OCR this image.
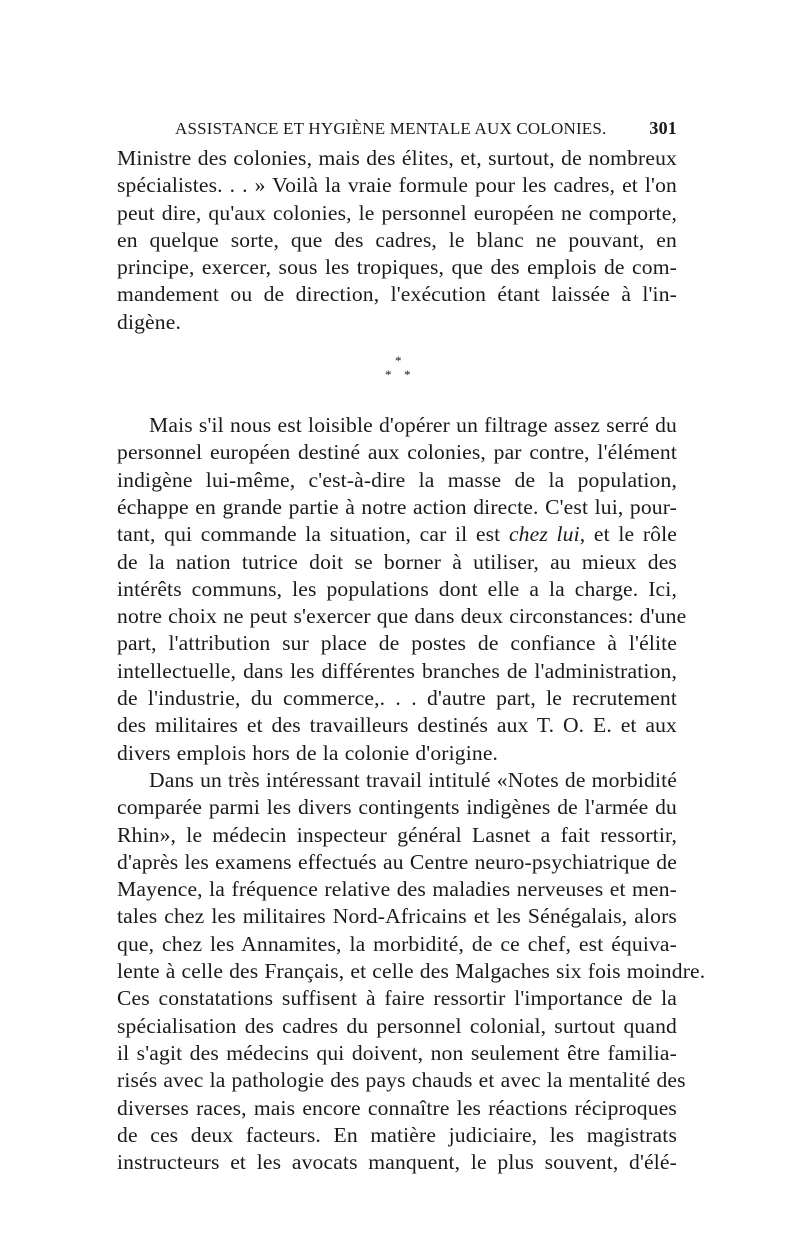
ASSISTANCE ET HYGIÈNE MENTALE AUX COLONIES. 301

Ministre des colonies, mais des élites, et, surtout, de nombreux
spécialistes. . . » Voilà la vraie formule pour les cadres, et l'on
peut dire, qu'aux colonies, le personnel européen ne comporte,
en quelque sorte, que des cadres, le blanc ne pouvant, en
principe, exercer, sous les tropiques, que des emplois de com-
mandement ou de direction, l'exécution étant laissée à l'in-
digène.

*
* *

Mais s'il nous est loisible d'opérer un filtrage assez serré du
personnel européen destiné aux colonies, par contre, l'élément
indigène lui-même, c'est-à-dire la masse de la population,
échappe en grande partie à notre action directe. C'est lui, pour-
tant, qui commande la situation, car il est chez lui, et le rôle
de la nation tutrice doit se borner à utiliser, au mieux des
intérêts communs, les populations dont elle a la charge. Ici,
notre choix ne peut s'exercer que dans deux circonstances: d'une
part, l'attribution sur place de postes de confiance à l'élite
intellectuelle, dans les différentes branches de l'administration,
de l'industrie, du commerce,. . . d'autre part, le recrutement
des militaires et des travailleurs destinés aux T. O. E. et aux
divers emplois hors de la colonie d'origine.

Dans un très intéressant travail intitulé «Notes de morbidité
comparée parmi les divers contingents indigènes de l'armée du
Rhin», le médecin inspecteur général Lasnet a fait ressortir,
d'après les examens effectués au Centre neuro-psychiatrique de
Mayence, la fréquence relative des maladies nerveuses et men-
tales chez les militaires Nord-Africains et les Sénégalais, alors
que, chez les Annamites, la morbidité, de ce chef, est équiva-
lente à celle des Français, et celle des Malgaches six fois moindre.
Ces constatations suffisent à faire ressortir l'importance de la
spécialisation des cadres du personnel colonial, surtout quand
il s'agit des médecins qui doivent, non seulement être familia-
risés avec la pathologie des pays chauds et avec la mentalité des
diverses races, mais encore connaître les réactions réciproques
de ces deux facteurs. En matière judiciaire, les magistrats
instructeurs et les avocats manquent, le plus souvent, d'élé-
